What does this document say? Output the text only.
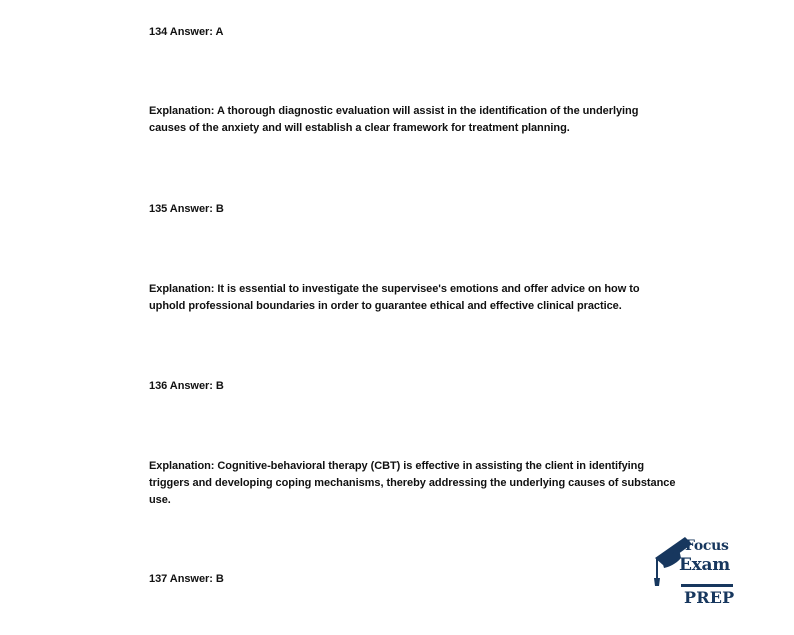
134 Answer: A
Explanation: A thorough diagnostic evaluation will assist in the identification of the underlying
causes of the anxiety and will establish a clear framework for treatment planning.
135 Answer: B
Explanation: It is essential to investigate the supervisee's emotions and offer advice on how to
uphold professional boundaries in order to guarantee ethical and effective clinical practice.
136 Answer: B
Explanation: Cognitive-behavioral therapy (CBT) is effective in assisting the client in identifying
triggers and developing coping mechanisms, thereby addressing the underlying causes of substance
use.
137 Answer: B
Focus
Exam
PREP
